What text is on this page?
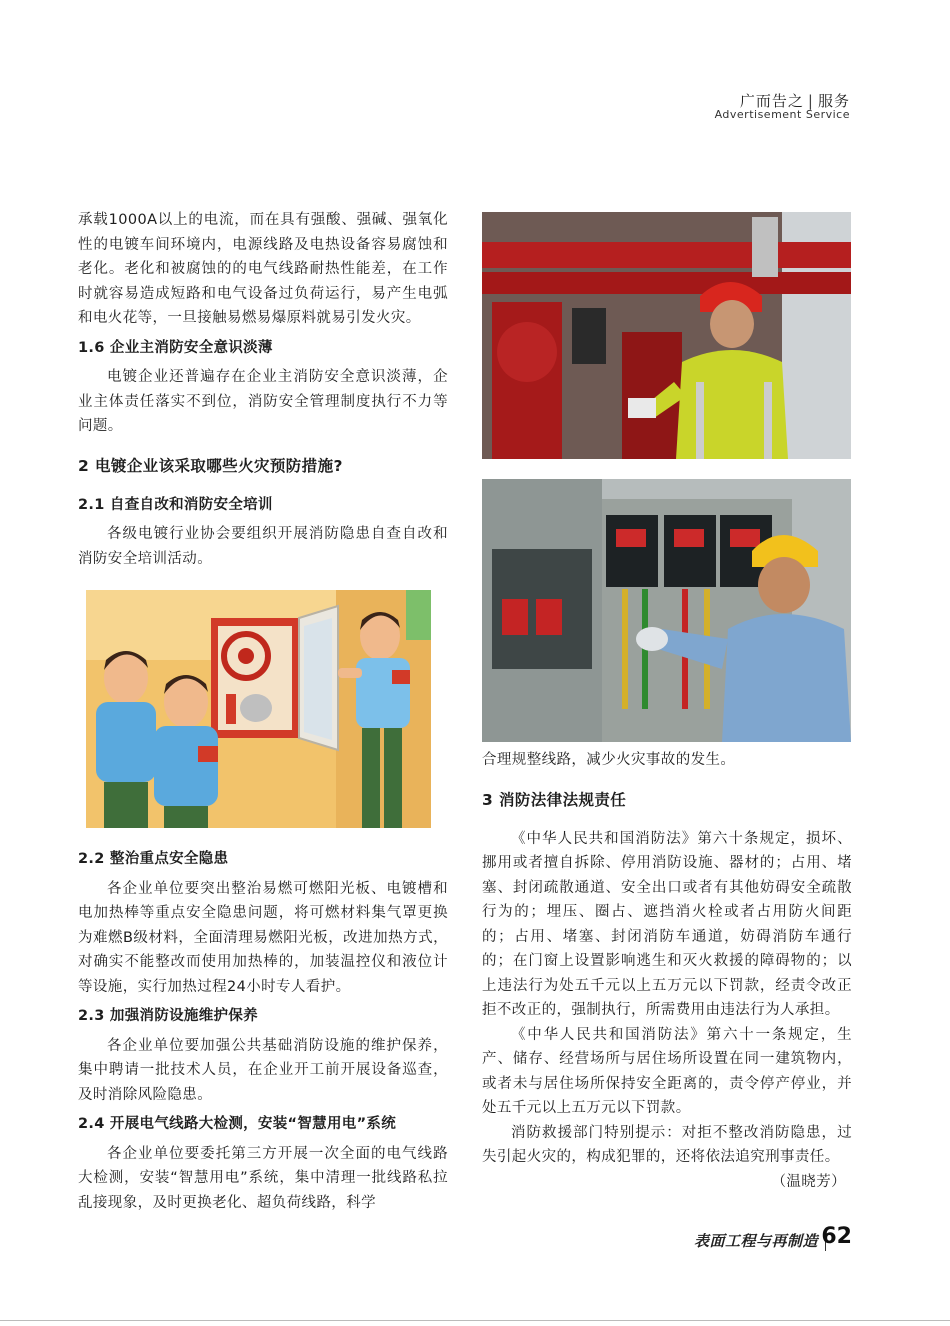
广而告之 | 服务
Advertisement Service

承载1000A以上的电流，而在具有强酸、强碱、强氧化性的电镀车间环境内，电源线路及电热设备容易腐蚀和老化。老化和被腐蚀的的电气线路耐热性能差，在工作时就容易造成短路和电气设备过负荷运行，易产生电弧和电火花等，一旦接触易燃易爆原料就易引发火灾。

1.6 企业主消防安全意识淡薄

电镀企业还普遍存在企业主消防安全意识淡薄，企业主体责任落实不到位，消防安全管理制度执行不力等问题。

2 电镀企业该采取哪些火灾预防措施?
2.1 自查自改和消防安全培训

各级电镀行业协会要组织开展消防隐患自查自改和消防安全培训活动。

2.2 整治重点安全隐患

各企业单位要突出整治易燃可燃阳光板、电镀槽和电加热棒等重点安全隐患问题，将可燃材料集气罩更换为难燃B级材料，全面清理易燃阳光板，改进加热方式，对确实不能整改而使用加热棒的，加装温控仪和液位计等设施，实行加热过程24小时专人看护。

2.3 加强消防设施维护保养

各企业单位要加强公共基础消防设施的维护保养，集中聘请一批技术人员，在企业开工前开展设备巡查，及时消除风险隐患。

2.4 开展电气线路大检测，安装“智慧用电”系统

各企业单位要委托第三方开展一次全面的电气线路大检测，安装“智慧用电”系统，集中清理一批线路私拉乱接现象，及时更换老化、超负荷线路，科学

合理规整线路，减少火灾事故的发生。

3 消防法律法规责任

《中华人民共和国消防法》第六十条规定，损坏、挪用或者擅自拆除、停用消防设施、器材的；占用、堵塞、封闭疏散通道、安全出口或者有其他妨碍安全疏散行为的；埋压、圈占、遮挡消火栓或者占用防火间距的；占用、堵塞、封闭消防车通道，妨碍消防车通行的；在门窗上设置影响逃生和灭火救援的障碍物的；以上违法行为处五千元以上五万元以下罚款，经责令改正拒不改正的，强制执行，所需费用由违法行为人承担。

《中华人民共和国消防法》第六十一条规定，生产、储存、经营场所与居住场所设置在同一建筑物内，或者未与居住场所保持安全距离的，责令停产停业，并处五千元以上五万元以下罚款。

消防救援部门特别提示：对拒不整改消防隐患，过失引起火灾的，构成犯罪的，还将依法追究刑事责任。
（温晓芳）

表面工程与再制造 62
